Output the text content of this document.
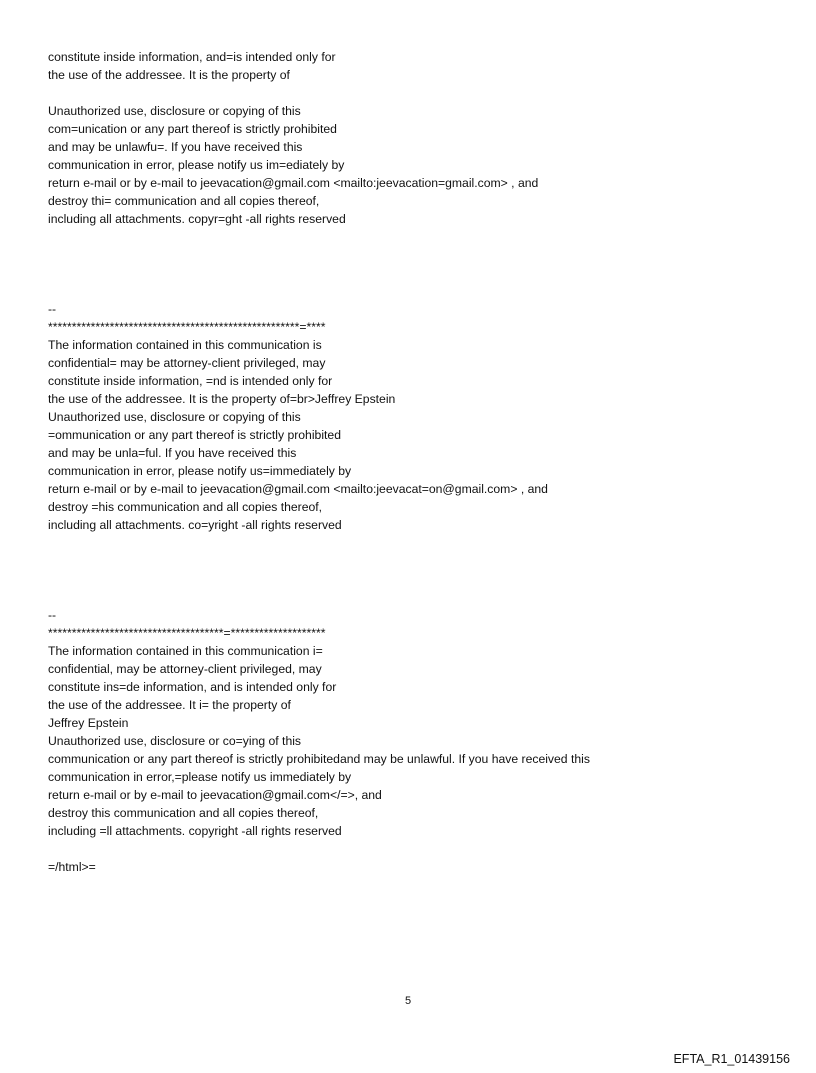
constitute inside information, and=is intended only for
the use of the addressee. It is the property of
Unauthorized use, disclosure or copying of this
com=unication or any part thereof is strictly prohibited
and may be unlawfu=. If you have received this
communication in error, please notify us im=ediately by
return e-mail or by e-mail to jeevacation@gmail.com <mailto:jeevacation=gmail.com> , and
destroy thi= communication and all copies thereof,
including all attachments. copyr=ght -all rights reserved
--
*****************************************************=****
The information contained in this communication is
confidential= may be attorney-client privileged, may
constitute inside information, =nd is intended only for
the use of the addressee. It is the property of=br>Jeffrey Epstein
Unauthorized use, disclosure or copying of this
=ommunication or any part thereof is strictly prohibited
and may be unla=ful. If you have received this
communication in error, please notify us=immediately by
return e-mail or by e-mail to jeevacation@gmail.com <mailto:jeevacat=on@gmail.com> , and
destroy =his communication and all copies thereof,
including all attachments. co=yright -all rights reserved
--
*************************************=********************
The information contained in this communication i=
confidential, may be attorney-client privileged, may
constitute ins=de information, and is intended only for
the use of the addressee. It i= the property of
Jeffrey Epstein
Unauthorized use, disclosure or co=ying of this
communication or any part thereof is strictly prohibitedand may be unlawful. If you have received this
communication in error,=please notify us immediately by
return e-mail or by e-mail to jeevacation@gmail.com</=>, and
destroy this communication and all copies thereof,
including =ll attachments. copyright -all rights reserved
=/html>=
5
EFTA_R1_01439156
